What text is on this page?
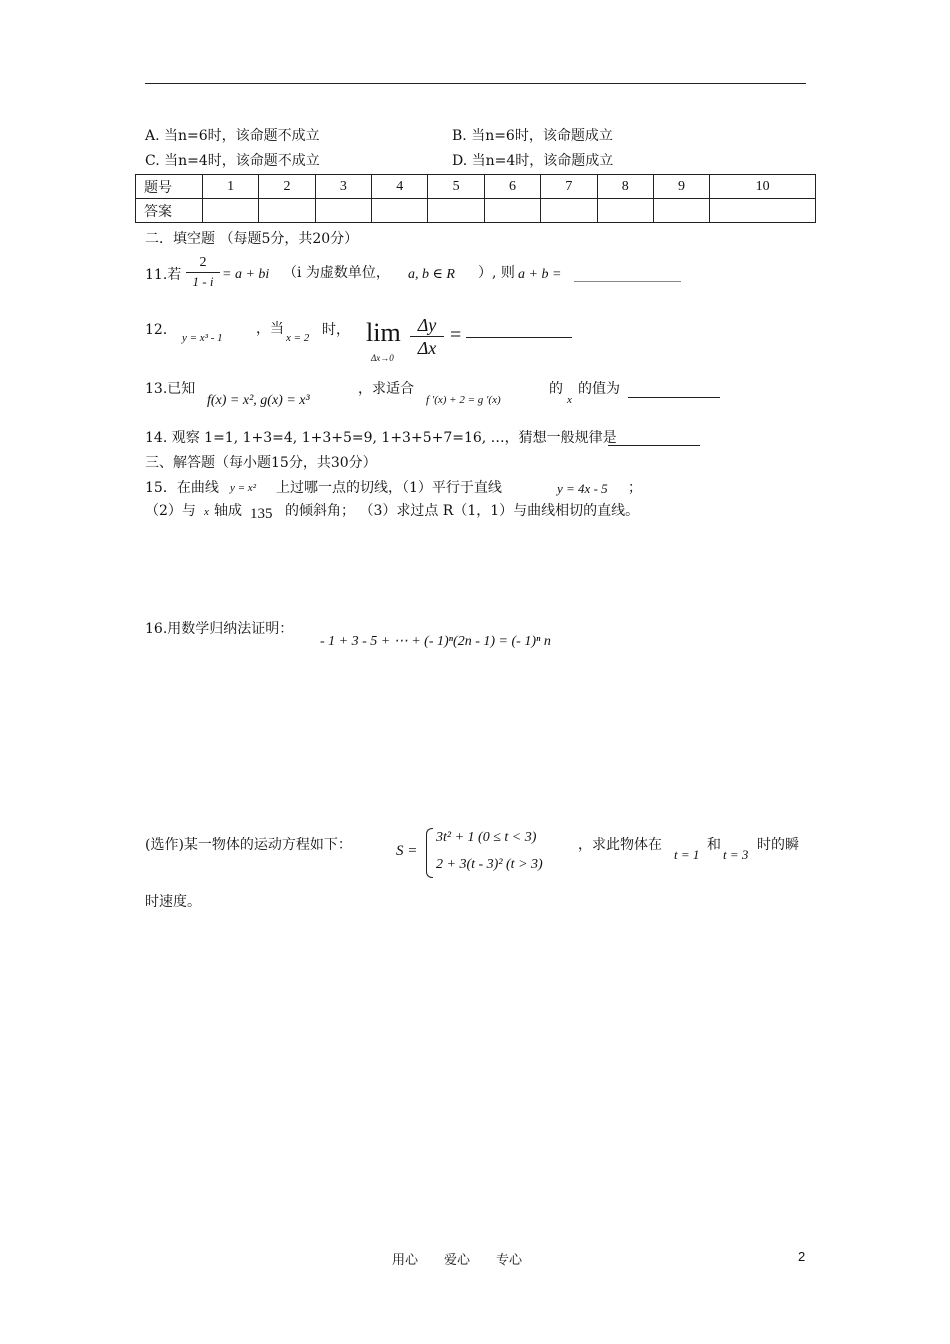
A. 当n=6时，该命题不成立	B. 当n=6时，该命题成立
C. 当n=4时，该命题不成立	D. 当n=4时，该命题成立
题号	1	2	3	4	5	6	7	8	9	10
答案										
二．填空题 （每题5分，共20分）
11.若 $\frac{2}{1 - i} = a$ + bi （i 为虚数单位， a, b ∈ R ）, 则 a + b =
12． y = x³ - 1
，当
x = 2 时， lim
$\Delta x\to 0 \frac{\Delta y}{\Delta x}$ =
13.已知
f(x) = x², g(x) = x³
，求适合
f ′(x) + 2 = g ′(x)
的
x
的值为
14. 观察 1=1, 1+3=4, 1+3+5=9, 1+3+5+7=16, …，猜想一般规律是
三、解答题（每小题15分，共30分）
15．在曲线 y = x² 上过哪一点的切线，（1）平行于直线	y = 4x - 5 ；
（2）与 x 轴成 135 的倾斜角； （3）求过点 R（1，1）与曲线相切的直线。
16.用数学归纳法证明：
- 1 + 3 - 5 + ⋯ + (- 1)ⁿ(2n - 1) = (- 1)ⁿ n
(选作)某一物体的运动方程如下：	S =
3t² + 1 (0 ≤ t < 3)
2 + 3(t - 3)² (t > 3)
，求此物体在
t = 1
和
t = 3
时的瞬
时速度。
用心　　爱心　　专心	2
